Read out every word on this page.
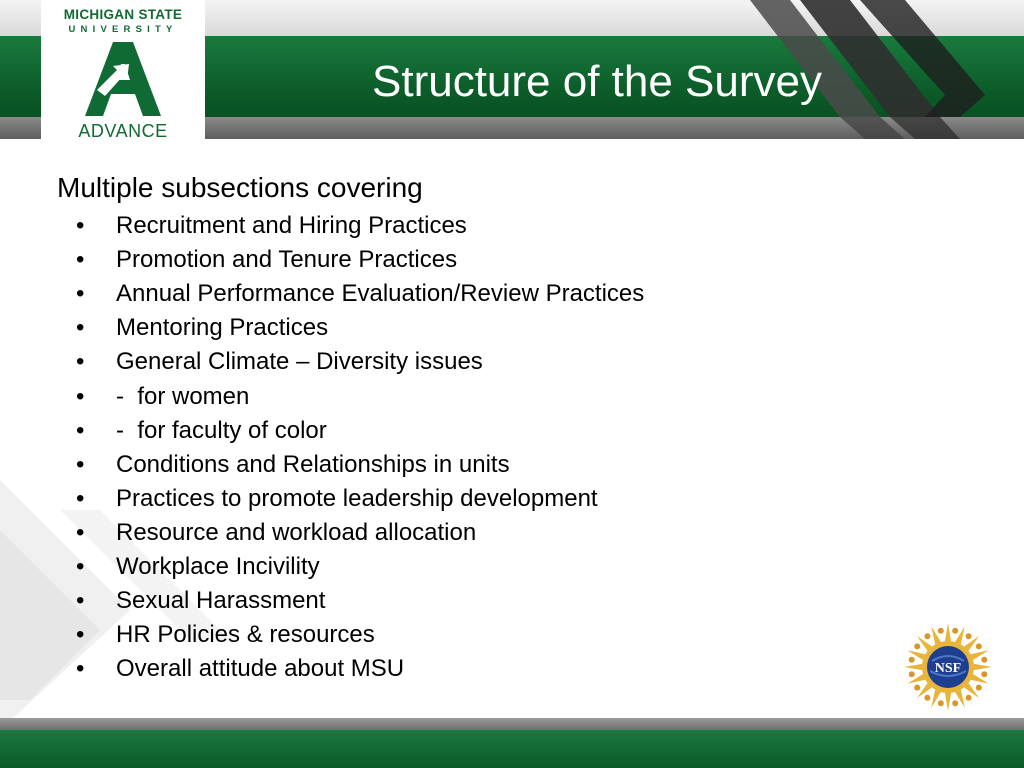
Structure of the Survey
MICHIGAN STATE
UNIVERSITY
ADVANCE
Multiple subsections covering
•	Recruitment and Hiring Practices
•	Promotion and Tenure Practices
•	Annual Performance Evaluation/Review Practices
•	Mentoring Practices
•	General Climate – Diversity issues
•	-  for women
•	-  for faculty of color
•	Conditions and Relationships in units
•	Practices to promote leadership development
•	Resource and workload allocation
•	Workplace Incivility
•	Sexual Harassment
•	HR Policies & resources
•	Overall attitude about MSU	NSF
